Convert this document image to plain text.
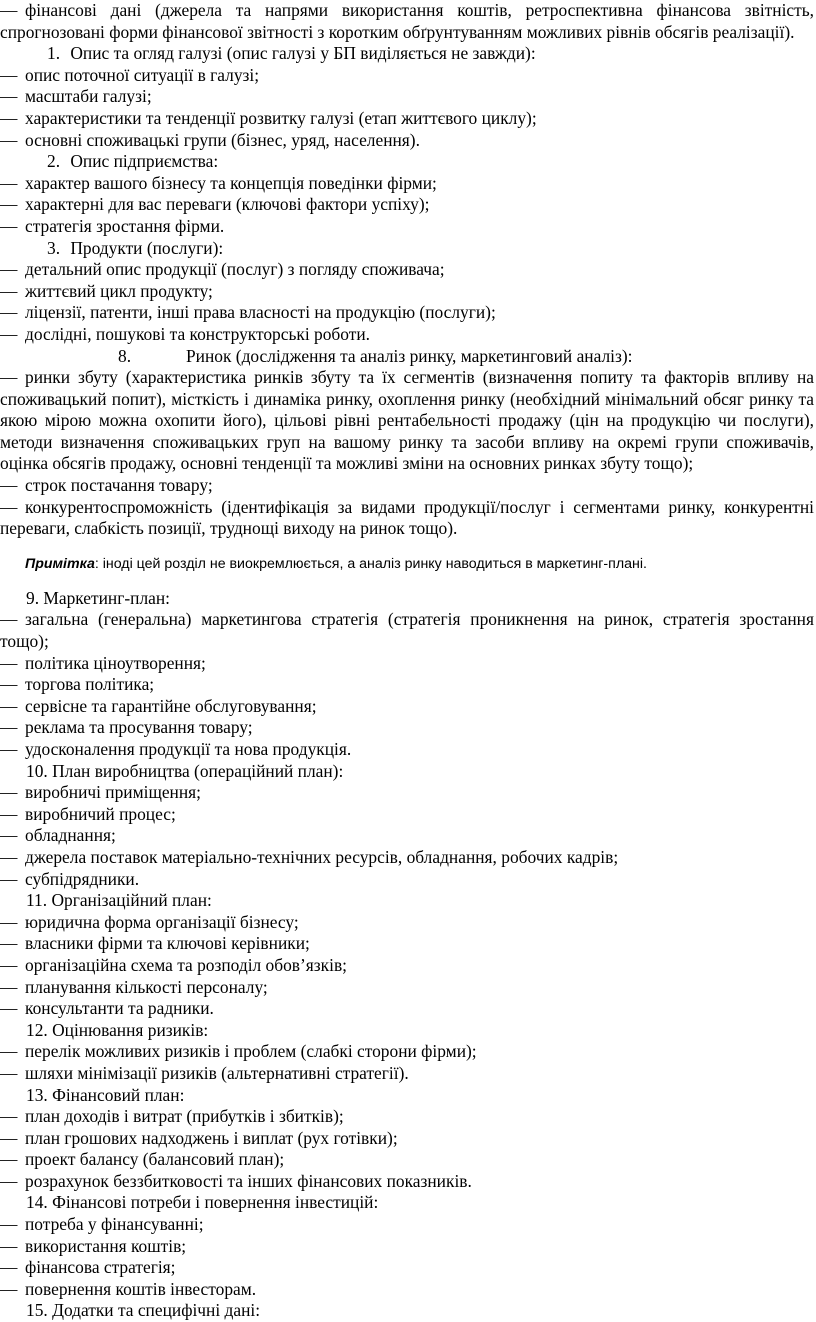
— фінансові дані (джерела та напрями використання коштів, ретроспективна фінансова звітність, спрогнозовані форми фінансової звітності з коротким обґрунтуванням можливих рівнів обсягів реалізації).

1. Опис та огляд галузі (опис галузі у БП виділяється не завжди):

— опис поточної ситуації в галузі;

— масштаби галузі;

— характеристики та тенденції розвитку галузі (етап життєвого циклу);

— основні споживацькі групи (бізнес, уряд, населення).

2. Опис підприємства:

— характер вашого бізнесу та концепція поведінки фірми;

— характерні для вас переваги (ключові фактори успіху);

— стратегія зростання фірми.

3. Продукти (послуги):

— детальний опис продукції (послуг) з погляду споживача;

— життєвий цикл продукту;

— ліцензії, патенти, інші права власності на продукцію (послуги);

— дослідні, пошукові та конструкторські роботи.

8.	Ринок (дослідження та аналіз ринку, маркетинговий аналіз):

— ринки збуту (характеристика ринків збуту та їх сегментів (визначення попиту та факторів впливу на споживацький попит), місткість і динаміка ринку, охоплення ринку (необхідний мінімальний обсяг ринку та якою мірою можна охопити його), цільові рівні рентабельності продажу (цін на продукцію чи послуги), методи визначення споживацьких груп на вашому ринку та засоби впливу на окремі групи споживачів, оцінка обсягів продажу, основні тенденції та можливі зміни на основних ринках збуту тощо);

— строк постачання товару;

— конкурентоспроможність (ідентифікація за видами продукції/послуг і сегментами ринку, конкурентні переваги, слабкість позиції, труднощі виходу на ринок тощо).

Примітка: іноді цей розділ не виокремлюється, а аналіз ринку наводиться в маркетинг-плані.

9. Маркетинг-план:

— загальна (генеральна) маркетингова стратегія (стратегія проникнення на ринок, стратегія зростання тощо);

— політика ціноутворення;

— торгова політика;

— сервісне та гарантійне обслуговування;

— реклама та просування товару;

— удосконалення продукції та нова продукція.

10. План виробництва (операційний план):

— виробничі приміщення;

— виробничий процес;

— обладнання;

— джерела поставок матеріально-технічних ресурсів, обладнання, робочих кадрів;

— субпідрядники.

11. Організаційний план:

— юридична форма організації бізнесу;

— власники фірми та ключові керівники;

— організаційна схема та розподіл обов’язків;

— планування кількості персоналу;

— консультанти та радники.

12. Оцінювання ризиків:

— перелік можливих ризиків і проблем (слабкі сторони фірми);

— шляхи мінімізації ризиків (альтернативні стратегії).

13. Фінансовий план:

— план доходів і витрат (прибутків і збитків);

— план грошових надходжень і виплат (рух готівки);

— проект балансу (балансовий план);

— розрахунок беззбитковості та інших фінансових показників.

14. Фінансові потреби і повернення інвестицій:

— потреба у фінансуванні;

— використання коштів;

— фінансова стратегія;

— повернення коштів інвесторам.

15. Додатки та специфічні дані:
